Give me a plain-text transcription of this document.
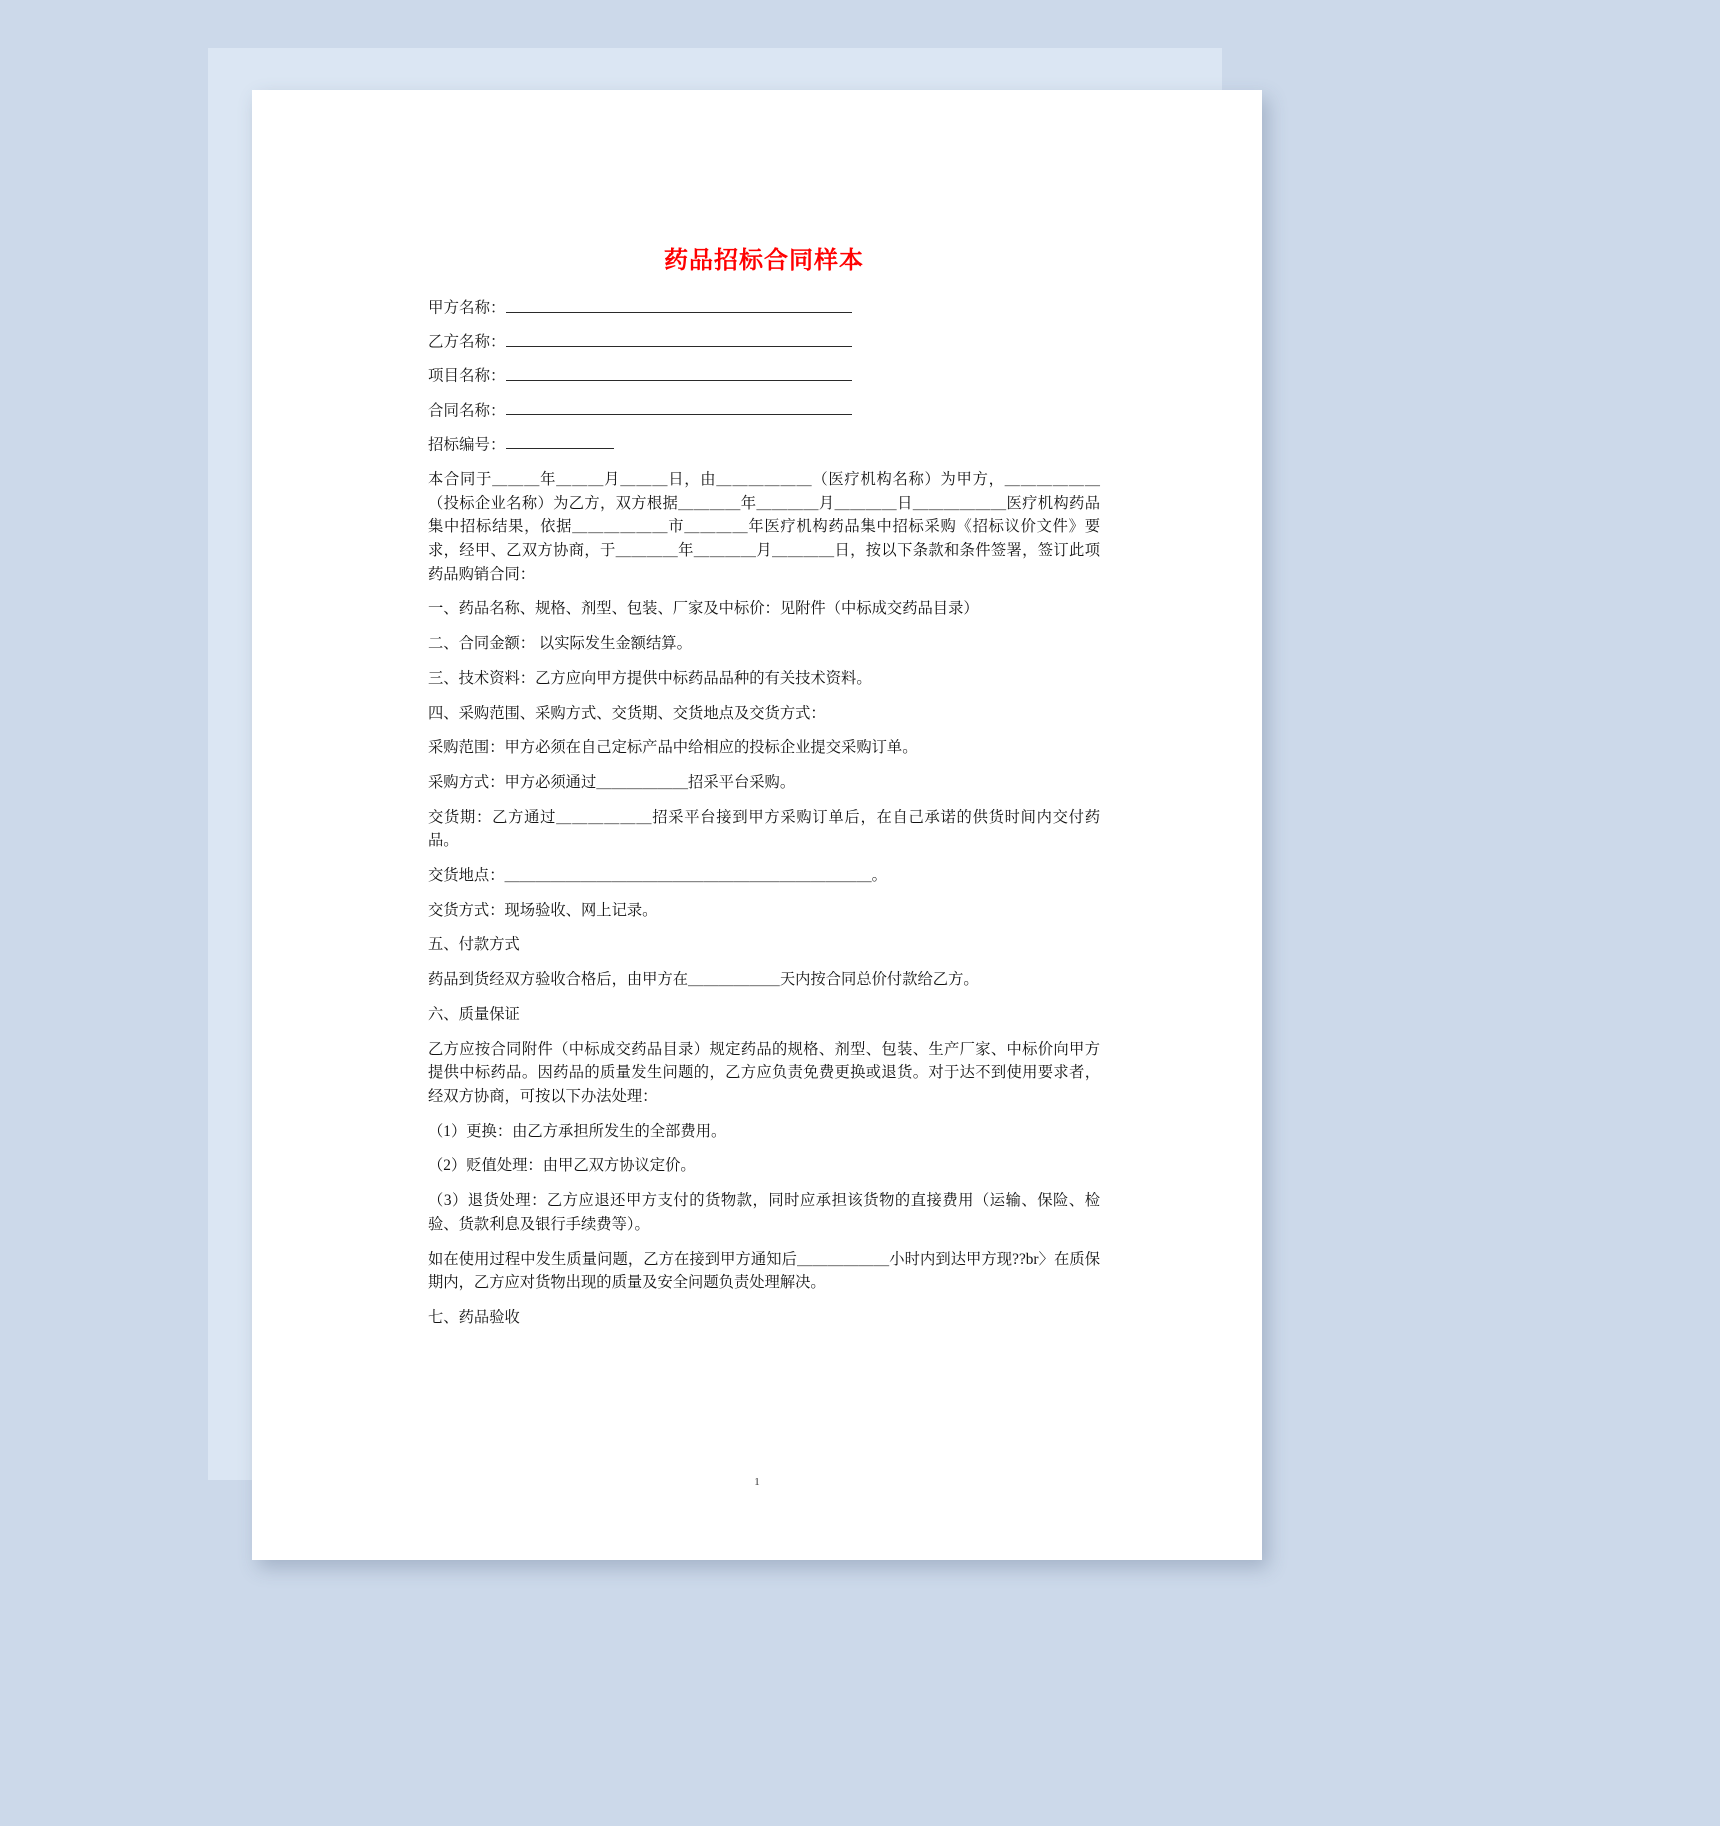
药品招标合同样本
甲方名称：
乙方名称：
项目名称：
合同名称：
招标编号：

本合同于＿＿＿年＿＿＿月＿＿＿日，由＿＿＿＿＿＿（医疗机构名称）为甲方，＿＿＿＿＿＿（投标企业名称）为乙方，双方根据＿＿＿＿年＿＿＿＿月＿＿＿＿日＿＿＿＿＿＿医疗机构药品集中招标结果，依据＿＿＿＿＿＿市＿＿＿＿年医疗机构药品集中招标采购《招标议价文件》要求，经甲、乙双方协商，于＿＿＿＿年＿＿＿＿月＿＿＿＿日，按以下条款和条件签署，签订此项药品购销合同：

一、药品名称、规格、剂型、包装、厂家及中标价：见附件（中标成交药品目录）

二、合同金额： 以实际发生金额结算。

三、技术资料：乙方应向甲方提供中标药品品种的有关技术资料。

四、采购范围、采购方式、交货期、交货地点及交货方式：

采购范围：甲方必须在自己定标产品中给相应的投标企业提交采购订单。

采购方式：甲方必须通过＿＿＿＿＿＿招采平台采购。

交货期：乙方通过＿＿＿＿＿＿招采平台接到甲方采购订单后，在自己承诺的供货时间内交付药品。

交货地点：＿＿＿＿＿＿＿＿＿＿＿＿＿＿＿＿＿＿＿＿＿＿＿＿。

交货方式：现场验收、网上记录。

五、付款方式

药品到货经双方验收合格后，由甲方在＿＿＿＿＿＿天内按合同总价付款给乙方。

六、质量保证

乙方应按合同附件（中标成交药品目录）规定药品的规格、剂型、包装、生产厂家、中标价向甲方提供中标药品。因药品的质量发生问题的，乙方应负责免费更换或退货。对于达不到使用要求者，经双方协商，可按以下办法处理：

（1）更换：由乙方承担所发生的全部费用。

（2）贬值处理：由甲乙双方协议定价。

（3）退货处理：乙方应退还甲方支付的货物款，同时应承担该货物的直接费用（运输、保险、检验、货款利息及银行手续费等）。

如在使用过程中发生质量问题，乙方在接到甲方通知后＿＿＿＿＿＿小时内到达甲方现??br〉在质保期内，乙方应对货物出现的质量及安全问题负责处理解决。

七、药品验收

1
